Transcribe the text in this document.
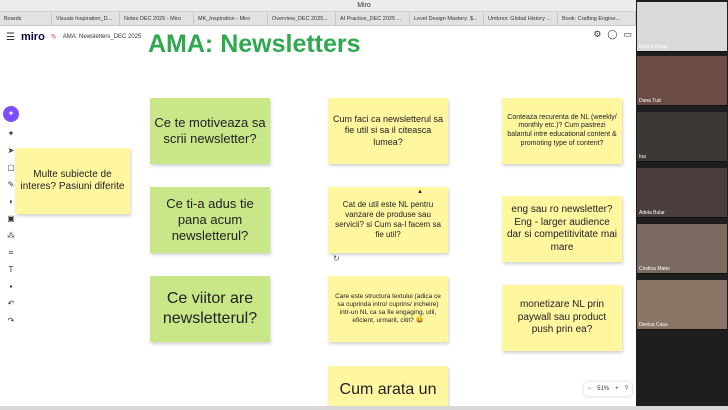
Miro
Boards	Visuals Inspiration_D...	Notes DEC 2025 - Miro	MK_Inspiration - Miro	Overview_DEC 2025...	AI Practice_DEC 2025 ...	Level Design Mastery: $...	Umbrex: Global History ...	Book: Crafting Engine...
☰ miro ✎ AMA: Newsletters_DEC 2025	⚙ ◯ ▭
AMA: Newsletters
✦
✦
➤
▢
✎
◗
▣
⁂
⌗
T
▪
↶
↷
Multe subiecte de interes? Pasiuni diferite
Ce te motiveaza sa scrii newsletter?
Ce ti-a adus tie pana acum newsletterul?
Ce viitor are newsletterul?
Cum faci ca newsletterul sa fie util si sa il citeasca lumea?
Cat de util este NL pentru vanzare de produse sau servicii? si Cum sa-l facem sa fie util?
Care este structura textului (adica ce sa cuprinda intro/ cuprins/ incheire) intr-un NL ca sa fie engaging, util, eficient, urmarit, citit? 😄
Cum arata un
Conteaza recurenta de NL (weekly/ monthly etc.)? Cum pastrezi balantul intre educational content & promoting type of content?
eng sau ro newsletter? Eng - larger audience dar si competitivitate mai mare
monetizare NL prin paywall sau product push prin ea?
↻
▲
− 51% + ?
Bulent Duagi
Dana Tud
Ina
Adela Bular
Cristina Matei
Denisa Casu
